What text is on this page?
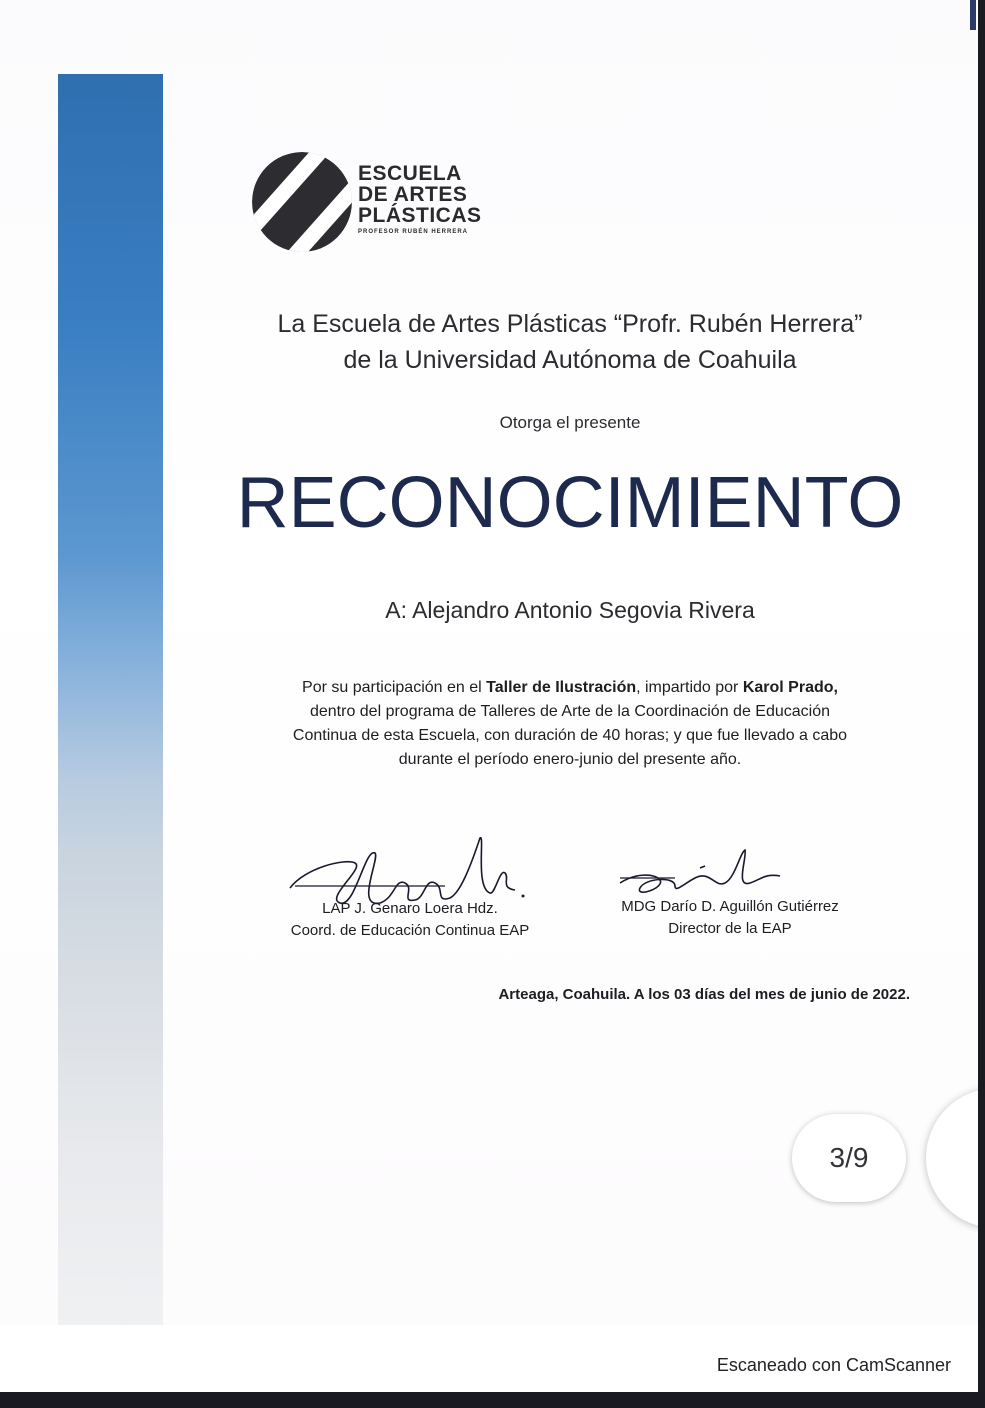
ESCUELA
DE ARTES
PLÁSTICAS
PROFESOR RUBÉN HERRERA
La Escuela de Artes Plásticas “Profr. Rubén Herrera”
de la Universidad Autónoma de Coahuila
Otorga el presente
RECONOCIMIENTO
A: Alejandro Antonio Segovia Rivera
Por su participación en el Taller de Ilustración, impartido por Karol Prado,
dentro del programa de Talleres de Arte de la Coordinación de Educación
Continua de esta Escuela, con duración de 40 horas; y que fue llevado a cabo
durante el período enero-junio del presente año.
LAP J. Genaro Loera Hdz.
Coord. de Educación Continua EAP
MDG Darío D. Aguillón Gutiérrez
Director de la EAP
Arteaga, Coahuila. A los 03 días del mes de junio de 2022.
3/9
Escaneado con CamScanner
